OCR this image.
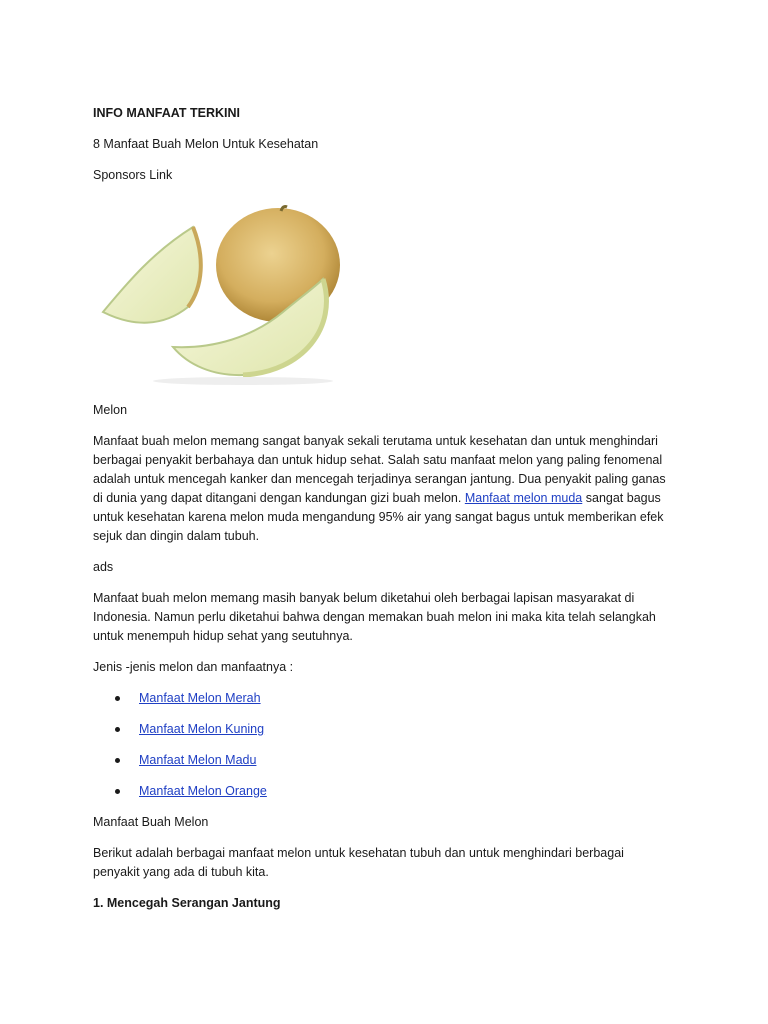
INFO MANFAAT TERKINI

8 Manfaat Buah Melon Untuk Kesehatan

Sponsors Link

Melon

Manfaat buah melon memang sangat banyak sekali terutama untuk kesehatan dan untuk menghindari berbagai penyakit berbahaya dan untuk hidup sehat. Salah satu manfaat melon yang paling fenomenal adalah untuk mencegah kanker dan mencegah terjadinya serangan jantung. Dua penyakit paling ganas di dunia yang dapat ditangani dengan kandungan gizi buah melon. Manfaat melon muda sangat bagus untuk kesehatan karena melon muda mengandung 95% air yang sangat bagus untuk memberikan efek sejuk dan dingin dalam tubuh.

ads

Manfaat buah melon memang masih banyak belum diketahui oleh berbagai lapisan masyarakat di Indonesia. Namun perlu diketahui bahwa dengan memakan buah melon ini maka kita telah selangkah untuk menempuh hidup sehat yang seutuhnya.

Jenis -jenis melon dan manfaatnya :

Manfaat Melon Merah
Manfaat Melon Kuning
Manfaat Melon Madu
Manfaat Melon Orange

Manfaat Buah Melon

Berikut adalah berbagai manfaat melon untuk kesehatan tubuh dan untuk menghindari berbagai penyakit yang ada di tubuh kita.

1. Mencegah Serangan Jantung
